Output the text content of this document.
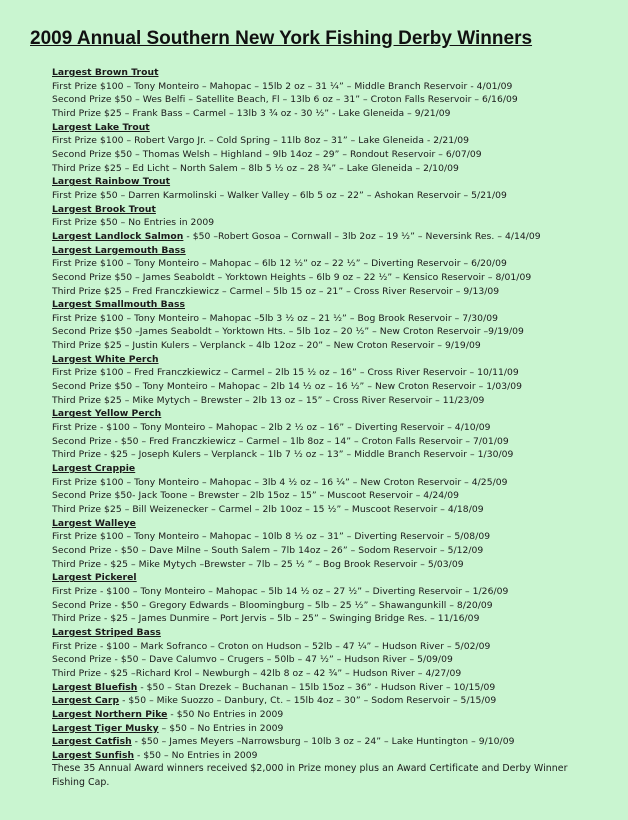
2009 Annual Southern New York Fishing Derby Winners
Largest Brown Trout
First Prize $100 – Tony Monteiro – Mahopac – 15lb 2 oz – 31 ¼” – Middle Branch Reservoir - 4/01/09
Second Prize $50 – Wes Belfi – Satellite Beach, Fl – 13lb 6 oz – 31” – Croton Falls Reservoir – 6/16/09
Third Prize $25 – Frank Bass – Carmel – 13lb 3 ¾ oz - 30 ½” - Lake Gleneida – 9/21/09
Largest Lake Trout
First Prize $100 – Robert Vargo Jr. – Cold Spring – 11lb 8oz – 31” – Lake Gleneida - 2/21/09
Second Prize $50 – Thomas Welsh – Highland – 9lb 14oz – 29” – Rondout Reservoir – 6/07/09
Third Prize $25 – Ed Licht – North Salem – 8lb 5 ½ oz – 28 ¾” – Lake Gleneida – 2/10/09
Largest Rainbow Trout
First Prize $50 – Darren Karmolinski – Walker Valley – 6lb 5 oz – 22” – Ashokan Reservoir – 5/21/09
Largest Brook Trout
First Prize $50 – No Entries in 2009
Largest Landlock Salmon - $50 –Robert Gosoa – Cornwall – 3lb 2oz – 19 ½” – Neversink Res. – 4/14/09
Largest Largemouth Bass
First Prize $100 – Tony Monteiro – Mahopac – 6lb 12 ½” oz – 22 ½” – Diverting Reservoir – 6/20/09
Second Prize $50 – James Seaboldt – Yorktown Heights – 6lb 9 oz – 22 ½” – Kensico Reservoir – 8/01/09
Third Prize $25 – Fred Franczkiewicz – Carmel – 5lb 15 oz – 21” – Cross River Reservoir – 9/13/09
Largest Smallmouth Bass
First Prize $100 – Tony Monteiro – Mahopac –5lb 3 ½ oz – 21 ½” – Bog Brook Reservoir – 7/30/09
Second Prize $50 –James Seaboldt – Yorktown Hts. – 5lb 1oz – 20 ½” – New Croton Reservoir –9/19/09
Third Prize $25 – Justin Kulers – Verplanck – 4lb 12oz – 20” – New Croton Reservoir – 9/19/09
Largest White Perch
First Prize $100 – Fred Franczkiewicz – Carmel – 2lb 15 ½ oz – 16” – Cross River Reservoir – 10/11/09
Second Prize $50 – Tony Monteiro – Mahopac – 2lb 14 ½ oz – 16 ½” – New Croton Reservoir – 1/03/09
Third Prize $25 – Mike Mytych – Brewster – 2lb 13 oz – 15” – Cross River Reservoir – 11/23/09
Largest Yellow Perch
First Prize - $100 – Tony Monteiro – Mahopac – 2lb 2 ½ oz – 16” – Diverting Reservoir – 4/10/09
Second Prize - $50 – Fred Franczkiewicz – Carmel – 1lb 8oz – 14” – Croton Falls Reservoir – 7/01/09
Third Prize - $25 – Joseph Kulers – Verplanck – 1lb 7 ½ oz – 13” – Middle Branch Reservoir – 1/30/09
Largest Crappie
First Prize $100 – Tony Monteiro – Mahopac – 3lb 4 ½ oz – 16 ¼” – New Croton Reservoir – 4/25/09
Second Prize $50- Jack Toone – Brewster – 2lb 15oz – 15” – Muscoot Reservoir – 4/24/09
Third Prize $25 – Bill Weizenecker – Carmel – 2lb 10oz – 15 ½” – Muscoot Reservoir – 4/18/09
Largest Walleye
First Prize $100 – Tony Monteiro – Mahopac – 10lb 8 ½ oz – 31” – Diverting Reservoir – 5/08/09
Second Prize - $50 – Dave Milne – South Salem – 7lb 14oz – 26” – Sodom Reservoir – 5/12/09
Third Prize - $25 – Mike Mytych –Brewster – 7lb – 25 ½ ” – Bog Brook Reservoir – 5/03/09
Largest Pickerel
First Prize - $100 – Tony Monteiro – Mahopac – 5lb 14 ½ oz – 27 ½” – Diverting Reservoir – 1/26/09
Second Prize - $50 – Gregory Edwards – Bloomingburg – 5lb – 25 ½” – Shawangunkill – 8/20/09
Third Prize - $25 – James Dunmire – Port Jervis – 5lb – 25” – Swinging Bridge Res. – 11/16/09
Largest Striped Bass
First Prize - $100 – Mark Sofranco – Croton on Hudson – 52lb – 47 ¼” – Hudson River – 5/02/09
Second Prize - $50 – Dave Calumvo – Crugers – 50lb – 47 ½” – Hudson River – 5/09/09
Third Prize - $25 –Richard Krol – Newburgh – 42lb 8 oz – 42 ¾” – Hudson River – 4/27/09
Largest Bluefish - $50 – Stan Drezek – Buchanan – 15lb 15oz – 36” - Hudson River – 10/15/09
Largest Carp - $50 – Mike Suozzo – Danbury, Ct. – 15lb 4oz – 30” – Sodom Reservoir – 5/15/09
Largest Northern Pike - $50 No Entries in 2009
Largest Tiger Musky – $50 – No Entries in 2009
Largest Catfish - $50 – James Meyers –Narrowsburg – 10lb 3 oz – 24” – Lake Huntington – 9/10/09
Largest Sunfish - $50 – No Entries in 2009
These 35 Annual Award winners received $2,000 in Prize money plus an Award Certificate and Derby Winner Fishing Cap.
